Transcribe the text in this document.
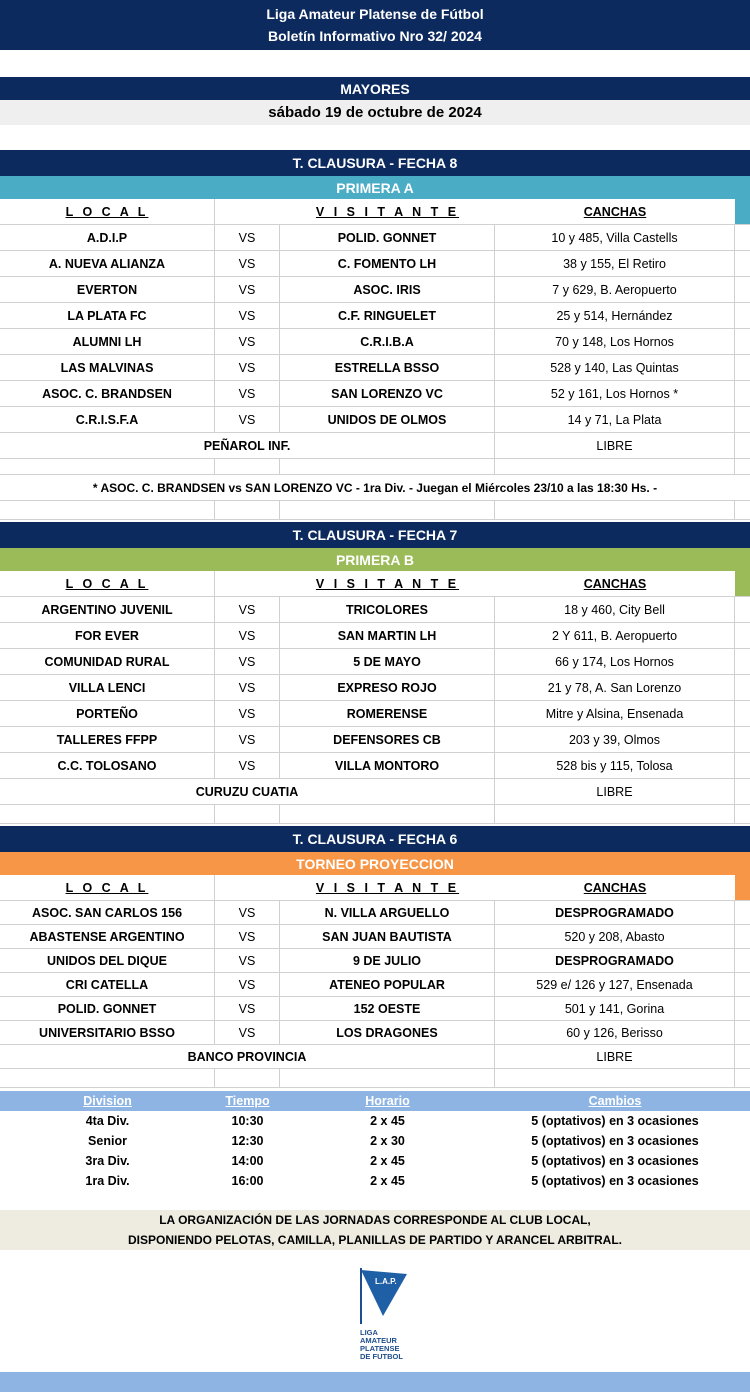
Liga Amateur Platense de Fútbol
Boletín Informativo Nro 32/ 2024
MAYORES
sábado 19 de octubre de 2024
T. CLAUSURA - FECHA 8
PRIMERA A
L O C A L	V I S I T A N T E	CANCHAS
A.D.I.P	VS	POLID. GONNET	10 y 485, Villa Castells
A. NUEVA ALIANZA	VS	C. FOMENTO LH	38 y 155, El Retiro
EVERTON	VS	ASOC. IRIS	7 y 629, B. Aeropuerto
LA PLATA FC	VS	C.F. RINGUELET	25 y 514, Hernández
ALUMNI LH	VS	C.R.I.B.A	70 y 148, Los Hornos
LAS MALVINAS	VS	ESTRELLA BSSO	528 y 140, Las Quintas
ASOC. C. BRANDSEN	VS	SAN LORENZO VC	52 y 161, Los Hornos *
C.R.I.S.F.A	VS	UNIDOS DE OLMOS	14 y 71, La Plata
PEÑAROL INF.	LIBRE
* ASOC. C. BRANDSEN vs SAN LORENZO VC - 1ra Div. - Juegan el Miércoles 23/10 a las 18:30 Hs. -
T. CLAUSURA - FECHA 7
PRIMERA B
L O C A L	V I S I T A N T E	CANCHAS
ARGENTINO JUVENIL	VS	TRICOLORES	18 y 460, City Bell
FOR EVER	VS	SAN MARTIN LH	2 Y 611, B. Aeropuerto
COMUNIDAD RURAL	VS	5 DE MAYO	66 y 174, Los Hornos
VILLA LENCI	VS	EXPRESO ROJO	21 y 78, A. San Lorenzo
PORTEÑO	VS	ROMERENSE	Mitre y Alsina, Ensenada
TALLERES FFPP	VS	DEFENSORES CB	203 y 39, Olmos
C.C. TOLOSANO	VS	VILLA MONTORO	528 bis y 115, Tolosa
CURUZU CUATIA	LIBRE
T. CLAUSURA - FECHA 6
TORNEO PROYECCION
L O C A L	V I S I T A N T E	CANCHAS
ASOC. SAN CARLOS 156	VS	N. VILLA ARGUELLO	DESPROGRAMADO
ABASTENSE ARGENTINO	VS	SAN JUAN BAUTISTA	520 y 208, Abasto
UNIDOS DEL DIQUE	VS	9 DE JULIO	DESPROGRAMADO
CRI CATELLA	VS	ATENEO POPULAR	529 e/ 126 y 127, Ensenada
POLID. GONNET	VS	152 OESTE	501 y 141, Gorina
UNIVERSITARIO BSSO	VS	LOS DRAGONES	60 y 126, Berisso
BANCO PROVINCIA	LIBRE
Division	Tiempo	Horario	Cambios
4ta Div.	10:30	2 x 45	5 (optativos) en 3 ocasiones
Senior	12:30	2 x 30	5 (optativos) en 3 ocasiones
3ra Div.	14:00	2 x 45	5 (optativos) en 3 ocasiones
1ra Div.	16:00	2 x 45	5 (optativos) en 3 ocasiones
LA ORGANIZACIÓN DE LAS JORNADAS CORRESPONDE AL CLUB LOCAL,
DISPONIENDO PELOTAS, CAMILLA, PLANILLAS DE PARTIDO Y ARANCEL ARBITRAL.
L.A.P.
LIGA
AMATEUR
PLATENSE
DE FUTBOL
